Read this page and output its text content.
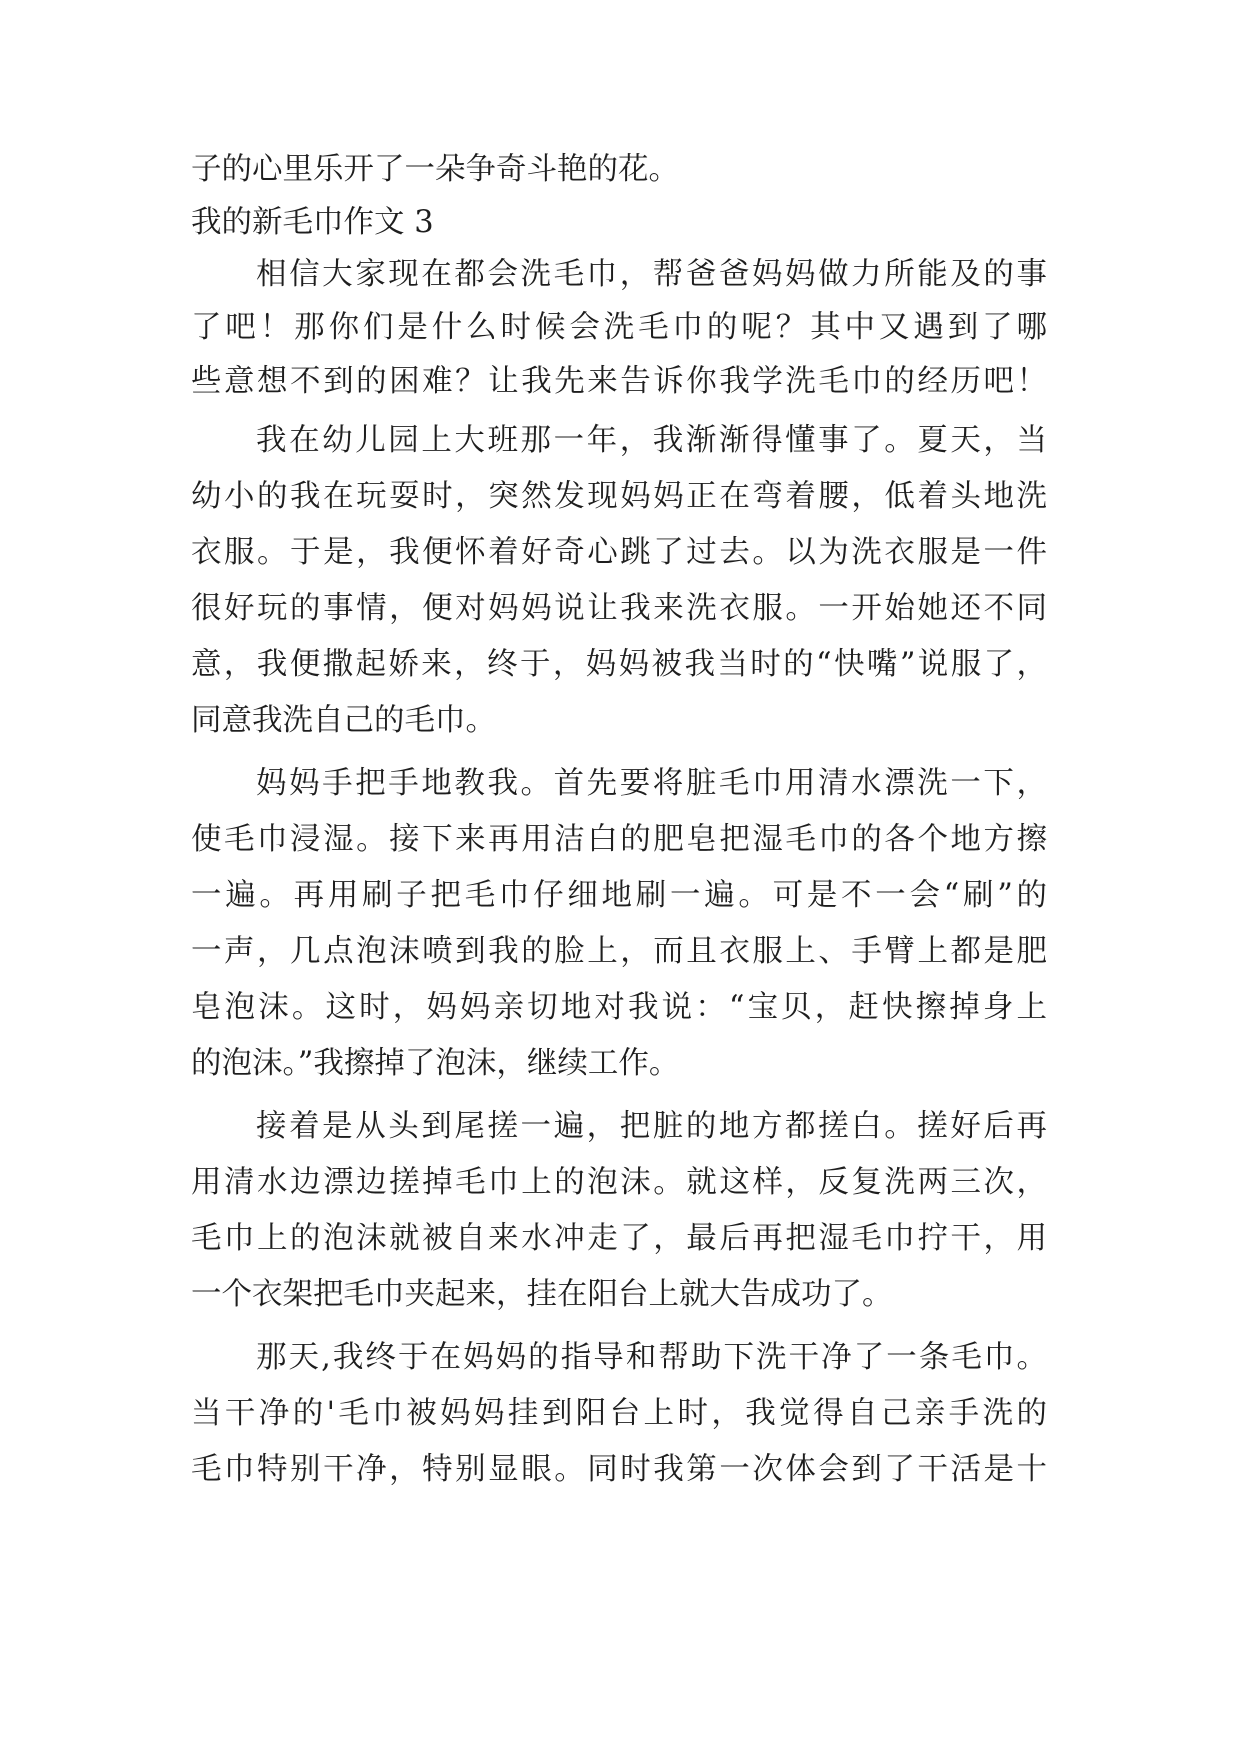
子的心里乐开了一朵争奇斗艳的花。
我的新毛巾作文 3
相信大家现在都会洗毛巾，帮爸爸妈妈做力所能及的事
了吧！那你们是什么时候会洗毛巾的呢？其中又遇到了哪
些意想不到的困难？让我先来告诉你我学洗毛巾的经历吧！
我在幼儿园上大班那一年，我渐渐得懂事了。夏天，当
幼小的我在玩耍时，突然发现妈妈正在弯着腰，低着头地洗
衣服。于是，我便怀着好奇心跳了过去。以为洗衣服是一件
很好玩的事情，便对妈妈说让我来洗衣服。一开始她还不同
意，我便撒起娇来，终于，妈妈被我当时的“快嘴”说服了，
同意我洗自己的毛巾。
妈妈手把手地教我。首先要将脏毛巾用清水漂洗一下，
使毛巾浸湿。接下来再用洁白的肥皂把湿毛巾的各个地方擦
一遍。再用刷子把毛巾仔细地刷一遍。可是不一会“刷”的
一声，几点泡沫喷到我的脸上，而且衣服上、手臂上都是肥
皂泡沫。这时，妈妈亲切地对我说：“宝贝，赶快擦掉身上
的泡沫。”我擦掉了泡沫，继续工作。
接着是从头到尾搓一遍，把脏的地方都搓白。搓好后再
用清水边漂边搓掉毛巾上的泡沫。就这样，反复洗两三次，
毛巾上的泡沫就被自来水冲走了，最后再把湿毛巾拧干，用
一个衣架把毛巾夹起来，挂在阳台上就大告成功了。
那天,我终于在妈妈的指导和帮助下洗干净了一条毛巾。
当干净的'毛巾被妈妈挂到阳台上时，我觉得自己亲手洗的
毛巾特别干净，特别显眼。同时我第一次体会到了干活是十
